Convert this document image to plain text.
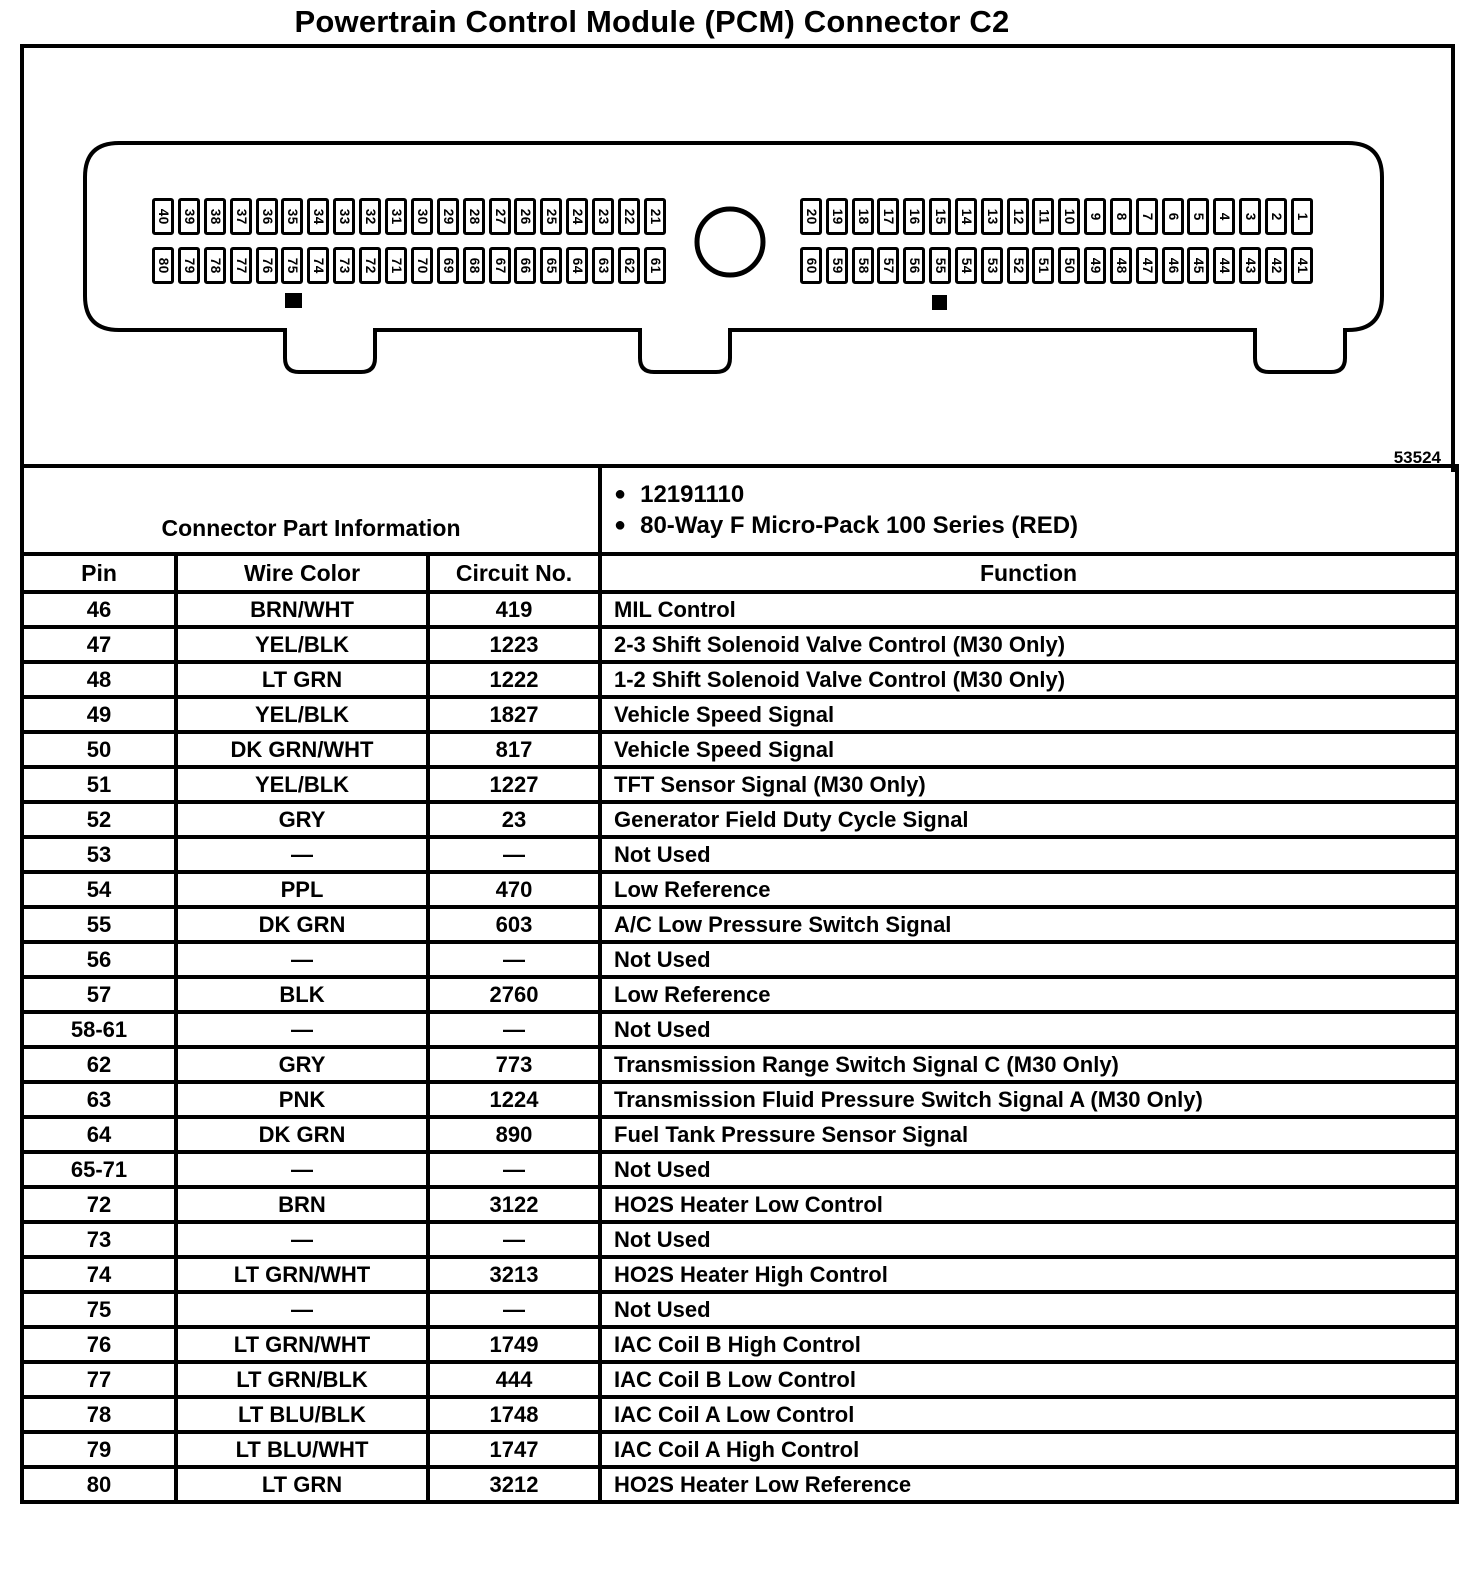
Powertrain Control Module (PCM) Connector C2
40 39 38 37 36 35 34 33 32 31 30 29 28 27 26 25 24 23 22 21
80 79 78 77 76 75 74 73 72 71 70 69 68 67 66 65 64 63 62 61
20 19 18 17 16 15 14 13 12 11 10 9 8 7 6 5 4 3 2 1
60 59 58 57 56 55 54 53 52 51 50 49 48 47 46 45 44 43 42 41
53524
Connector Part Information			● 12191110
● 80-Way F Micro-Pack 100 Series (RED)

Pin	Wire Color	Circuit No.	Function
46	BRN/WHT	419	MIL Control
47	YEL/BLK	1223	2-3 Shift Solenoid Valve Control (M30 Only)
48	LT GRN	1222	1-2 Shift Solenoid Valve Control (M30 Only)
49	YEL/BLK	1827	Vehicle Speed Signal
50	DK GRN/WHT	817	Vehicle Speed Signal
51	YEL/BLK	1227	TFT Sensor Signal (M30 Only)
52	GRY	23	Generator Field Duty Cycle Signal
53	—	—	Not Used
54	PPL	470	Low Reference
55	DK GRN	603	A/C Low Pressure Switch Signal
56	—	—	Not Used
57	BLK	2760	Low Reference
58-61	—	—	Not Used
62	GRY	773	Transmission Range Switch Signal C (M30 Only)
63	PNK	1224	Transmission Fluid Pressure Switch Signal A (M30 Only)
64	DK GRN	890	Fuel Tank Pressure Sensor Signal
65-71	—	—	Not Used
72	BRN	3122	HO2S Heater Low Control
73	—	—	Not Used
74	LT GRN/WHT	3213	HO2S Heater High Control
75	—	—	Not Used
76	LT GRN/WHT	1749	IAC Coil B High Control
77	LT GRN/BLK	444	IAC Coil B Low Control
78	LT BLU/BLK	1748	IAC Coil A Low Control
79	LT BLU/WHT	1747	IAC Coil A High Control
80	LT GRN	3212	HO2S Heater Low Reference
